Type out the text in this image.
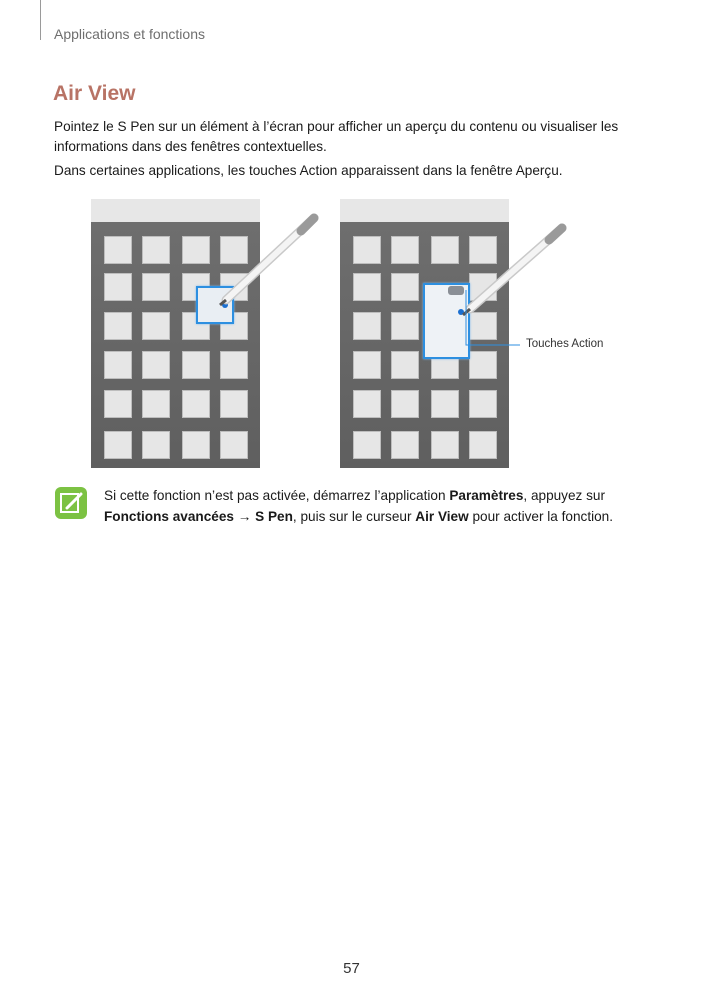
Applications et fonctions
Air View

Pointez le S Pen sur un élément à l’écran pour afficher un aperçu du contenu ou visualiser les informations dans des fenêtres contextuelles.

Dans certaines applications, les touches Action apparaissent dans la fenêtre Aperçu.

Touches Action

Si cette fonction n’est pas activée, démarrez l’application Paramètres, appuyez sur Fonctions avancées → S Pen, puis sur le curseur Air View pour activer la fonction.

57
